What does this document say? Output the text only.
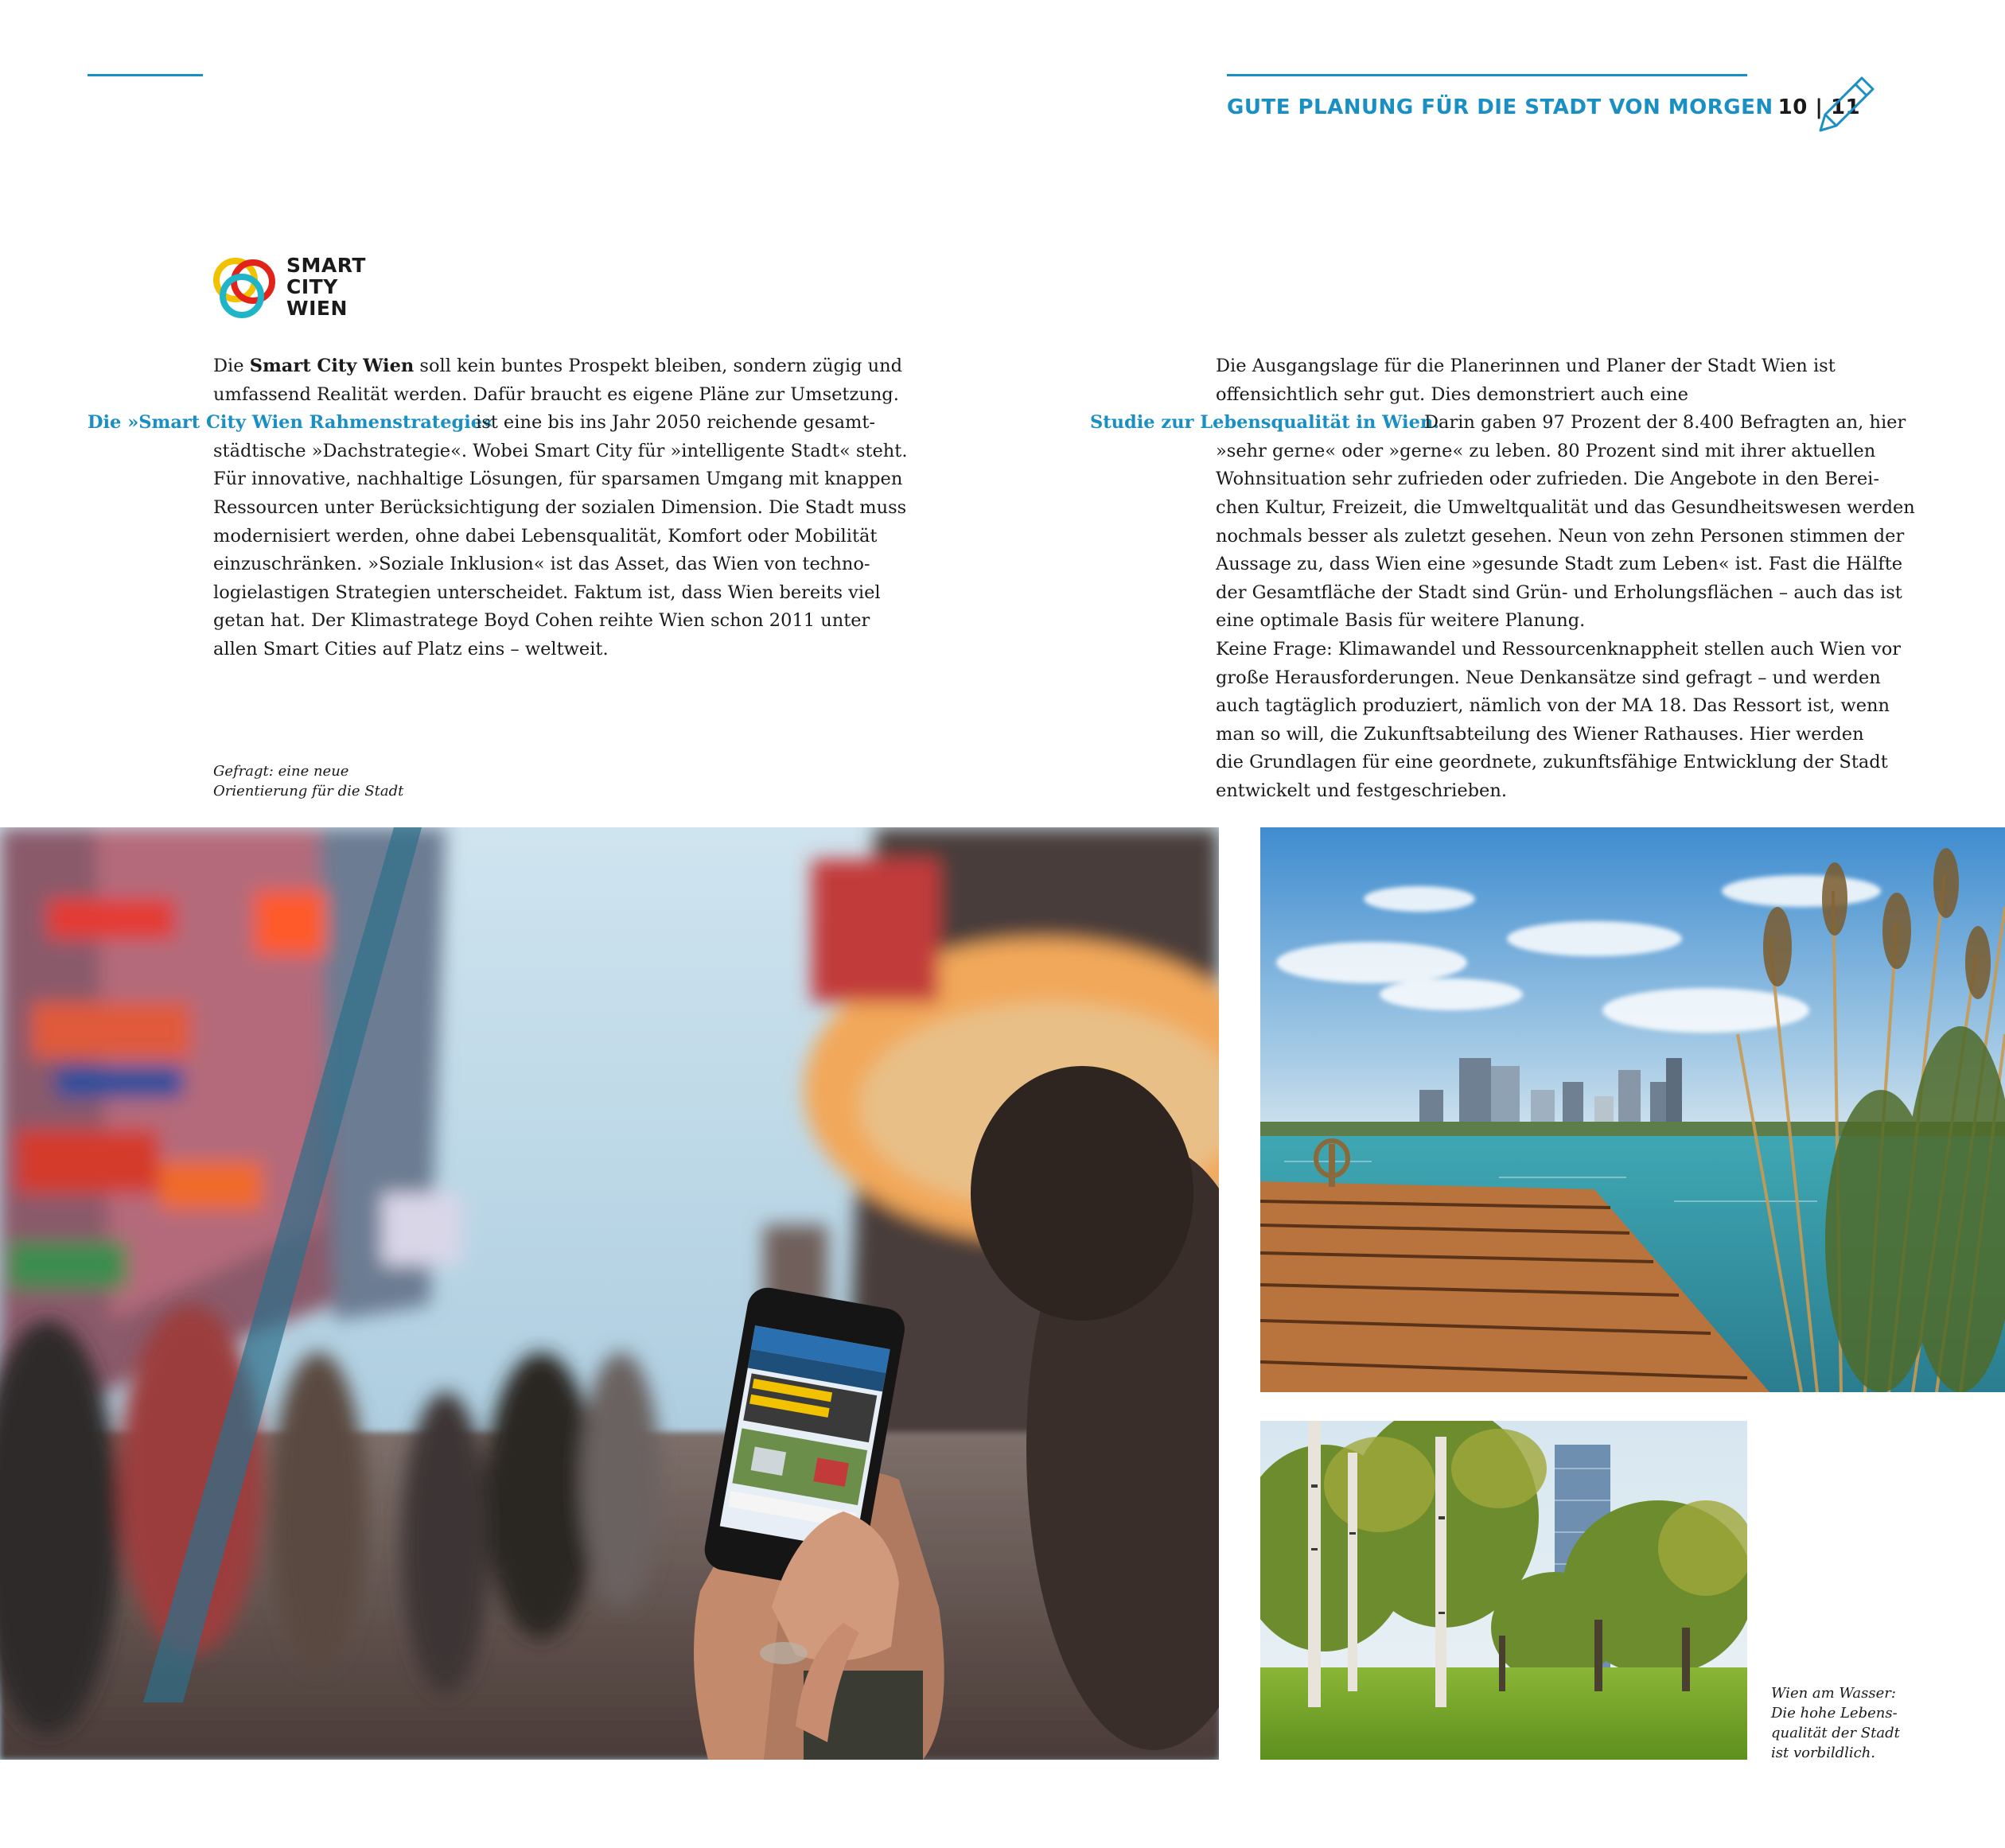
GUTE PLANUNG FÜR DIE STADT VON MORGEN 10 | 11
SMART
CITY
WIEN
Die »Smart City Wien Rahmenstrategie«
Die Smart City Wien soll kein buntes Prospekt bleiben, sondern zügig und
umfassend Realität werden. Dafür braucht es eigene Pläne zur Umsetzung.
ist eine bis ins Jahr 2050 reichende gesamt-
städtische »Dachstrategie«. Wobei Smart City für »intelligente Stadt« steht.
Für innovative, nachhaltige Lösungen, für sparsamen Umgang mit knappen
Ressourcen unter Berücksichtigung der sozialen Dimension. Die Stadt muss
modernisiert werden, ohne dabei Lebensqualität, Komfort oder Mobilität
einzuschränken. »Soziale Inklusion« ist das Asset, das Wien von techno-
logielastigen Strategien unterscheidet. Faktum ist, dass Wien bereits viel
getan hat. Der Klimastratege Boyd Cohen reihte Wien schon 2011 unter
allen Smart Cities auf Platz eins – weltweit.
Studie zur Lebensqualität in Wien.
Die Ausgangslage für die Planerinnen und Planer der Stadt Wien ist
offensichtlich sehr gut. Dies demonstriert auch eine
Darin gaben 97 Prozent der 8.400 Befragten an, hier
»sehr gerne« oder »gerne« zu leben. 80 Prozent sind mit ihrer aktuellen
Wohnsituation sehr zufrieden oder zufrieden. Die Angebote in den Berei-
chen Kultur, Freizeit, die Umweltqualität und das Gesundheitswesen werden
nochmals besser als zuletzt gesehen. Neun von zehn Personen stimmen der
Aussage zu, dass Wien eine »gesunde Stadt zum Leben« ist. Fast die Hälfte
der Gesamtfläche der Stadt sind Grün- und Erholungsflächen – auch das ist
eine optimale Basis für weitere Planung.
Keine Frage: Klimawandel und Ressourcenknappheit stellen auch Wien vor
große Herausforderungen. Neue Denkansätze sind gefragt – und werden
auch tagtäglich produziert, nämlich von der MA 18. Das Ressort ist, wenn
man so will, die Zukunftsabteilung des Wiener Rathauses. Hier werden
die Grundlagen für eine geordnete, zukunftsfähige Entwicklung der Stadt
entwickelt und festgeschrieben.
Gefragt: eine neue
Orientierung für die Stadt
Wien am Wasser:
Die hohe Lebens-
qualität der Stadt
ist vorbildlich.
